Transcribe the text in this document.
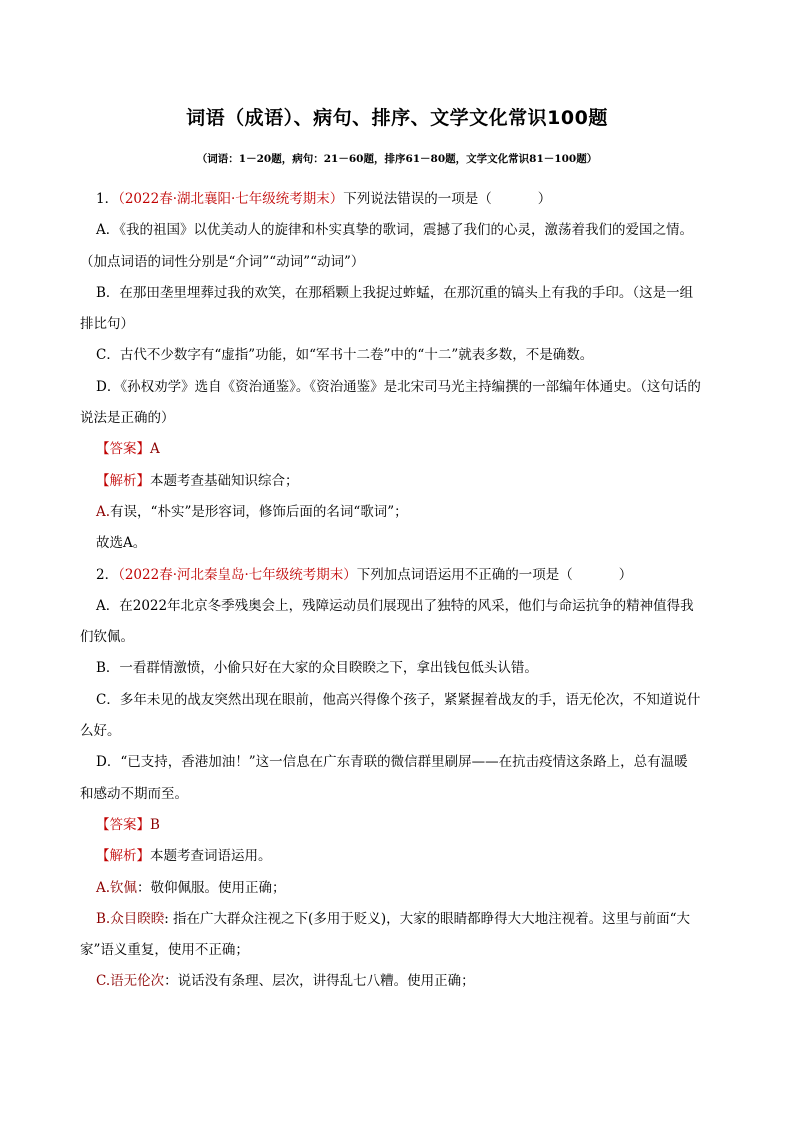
词语（成语）、病句、排序、文学文化常识100题
（词语：1－20题，病句：21－60题，排序61－80题，文学文化常识81－100题）

1．（2022春·湖北襄阳·七年级统考期末）下列说法错误的一项是（	）

A．《我的祖国》以优美动人的旋律和朴实真挚的歌词，震撼了我们的心灵，激荡着我们的爱国之情。

（加点词语的词性分别是“介词”“动词”“动词”）

B．在那田垄里埋葬过我的欢笑，在那稻颗上我捉过蚱蜢，在那沉重的镐头上有我的手印。（这是一组

排比句）

C．古代不少数字有“虚指”功能，如“军书十二卷”中的“十二”就表多数，不是确数。

D．《孙权劝学》选自《资治通鉴》。《资治通鉴》是北宋司马光主持编撰的一部编年体通史。（这句话的

说法是正确的）

【答案】A

【解析】本题考查基础知识综合；

A.有误，“朴实”是形容词，修饰后面的名词“歌词”；

故选A。

2．（2022春·河北秦皇岛·七年级统考期末）下列加点词语运用不正确的一项是（	）

A．在2022年北京冬季残奥会上，残障运动员们展现出了独特的风采，他们与命运抗争的精神值得我

们钦佩。

B．一看群情激愤，小偷只好在大家的众目睽睽之下，拿出钱包低头认错。

C．多年未见的战友突然出现在眼前，他高兴得像个孩子，紧紧握着战友的手，语无伦次，不知道说什

么好。

D．“已支持，香港加油！”这一信息在广东青联的微信群里刷屏——在抗击疫情这条路上，总有温暖

和感动不期而至。

【答案】B

【解析】本题考查词语运用。

A.钦佩：敬仰佩服。使用正确；

B.众目睽睽: 指在广大群众注视之下(多用于贬义)，大家的眼睛都睁得大大地注视着。这里与前面“大

家”语义重复，使用不正确；

C.语无伦次：说话没有条理、层次，讲得乱七八糟。使用正确；
